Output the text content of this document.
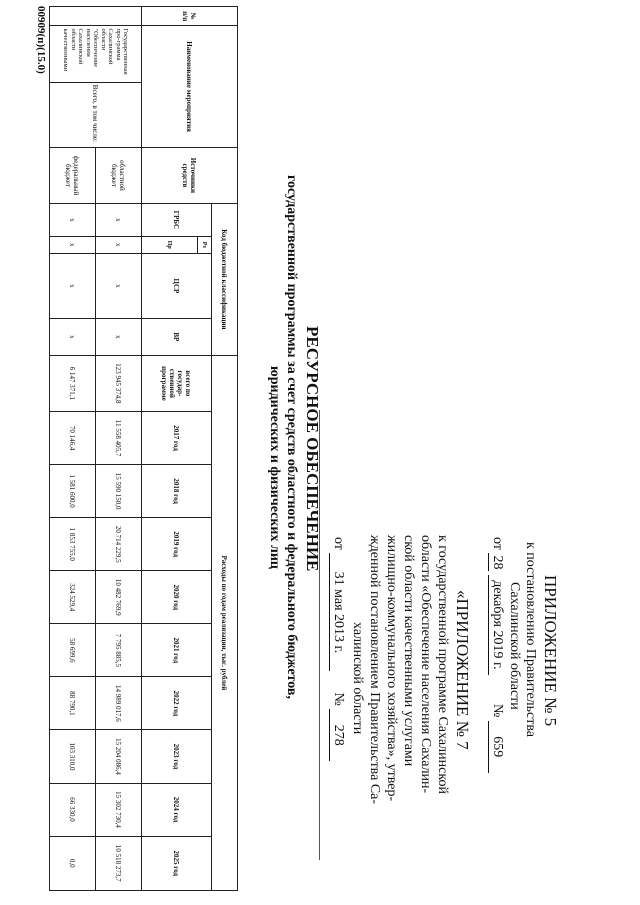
ПРИЛОЖЕНИЕ № 5
к постановлению Правительства
Сахалинской области
от 28 декабря 2019 г.  № 659
«ПРИЛОЖЕНИЕ № 7
к государственной программе Сахалинской
области «Обеспечение населения Сахалин-
ской области качественными услугами
жилищно-коммунального хозяйства», утвер-
жденной постановлением Правительства Са-
халинской области
от 31 мая 2013 г.  № 278
РЕСУРСНОЕ ОБЕСПЕЧЕНИЕ
государственной программы за счет средств областного и федерального бюджетов,
юридических и физических лиц
№ п/п	Наименование мероприятия		Источники средств	Код бюджетной классификации				Расходы по годам реализации, тыс. рублей									
				ГРБС	Рз	ЦСР	ВР	всего по государ-ственной программе	2017 год	2018 год	2019 год	2020 год	2021 год	2022 год	2023 год	2024 год	2025 год
					Пр												
	Государственная про-грамма Сахалинской области "Обеспечение населения Сахалинской области качественными	Всего, в том числе:	областной бюджет	x	x	x	x	123 945 374,8	11 558 405,7	15 590 150,0	20 714 229,5	10 482 769,9	7 795 885,5	14 989 017,6	15 204 086,4	15 302 730,4	10 518 273,7
			федеральный бюджет	x	x	x	x	6 147 371,1	70 146,4	1 581 600,0	1 853 755,0	324 529,4	58 699,6	88 790,1	103 310,0	66 330,0	0,0
00909(п)(15.0)
